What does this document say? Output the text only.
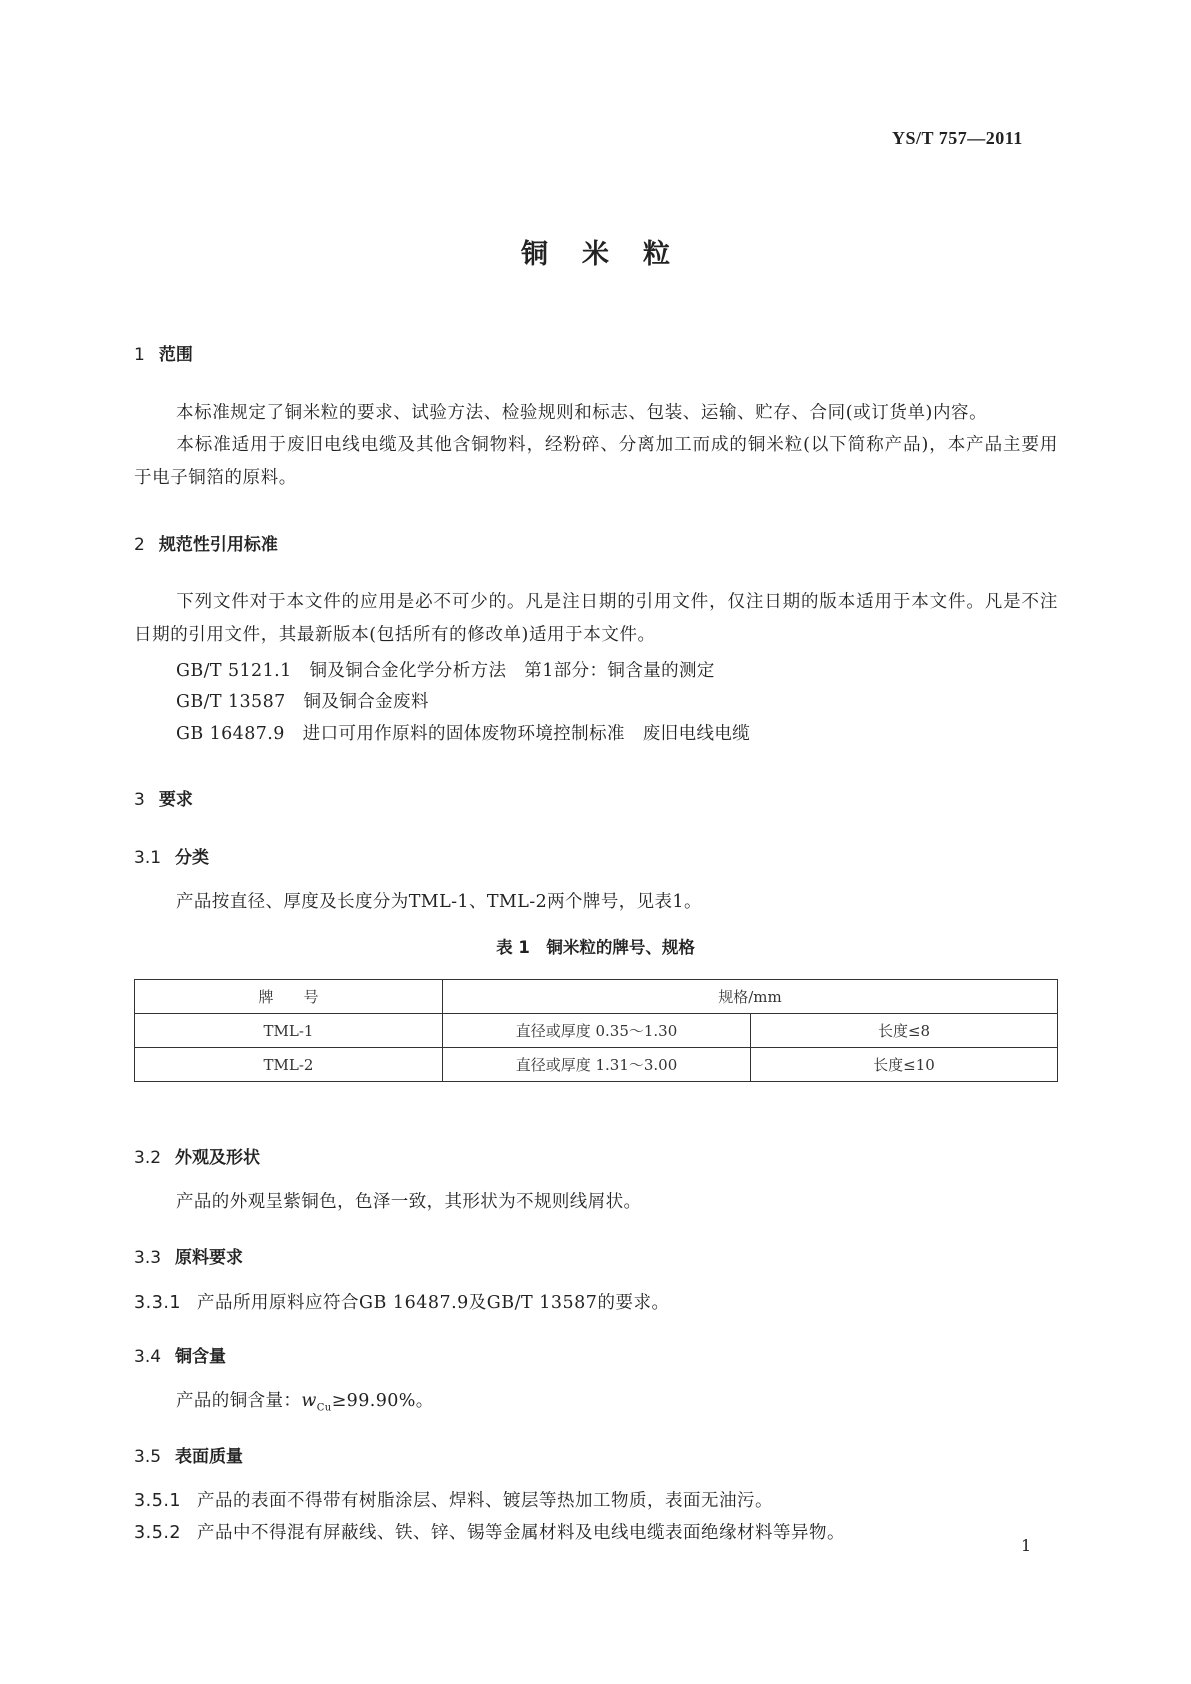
YS/T 757—2011
铜米粒
1 范围
本标准规定了铜米粒的要求、试验方法、检验规则和标志、包装、运输、贮存、合同(或订货单)内容。
本标准适用于废旧电线电缆及其他含铜物料，经粉碎、分离加工而成的铜米粒(以下简称产品)，本产品主要用于电子铜箔的原料。
2 规范性引用标准
下列文件对于本文件的应用是必不可少的。凡是注日期的引用文件，仅注日期的版本适用于本文件。凡是不注日期的引用文件，其最新版本(包括所有的修改单)适用于本文件。
GB/T 5121.1　铜及铜合金化学分析方法　第1部分：铜含量的测定
GB/T 13587　铜及铜合金废料
GB 16487.9　进口可用作原料的固体废物环境控制标准　废旧电线电缆
3 要求
3.1 分类
产品按直径、厚度及长度分为TML-1、TML-2两个牌号，见表1。
表 1　铜米粒的牌号、规格
牌　　号	规格/mm	
TML-1	直径或厚度 0.35～1.30	长度≤8
TML-2	直径或厚度 1.31～3.00	长度≤10
3.2 外观及形状
产品的外观呈紫铜色，色泽一致，其形状为不规则线屑状。
3.3 原料要求
3.3.1 产品所用原料应符合GB 16487.9及GB/T 13587的要求。
3.4 铜含量
产品的铜含量：$w_{Cu}\ge 99.90\%$。
3.5 表面质量
3.5.1 产品的表面不得带有树脂涂层、焊料、镀层等热加工物质，表面无油污。
3.5.2 产品中不得混有屏蔽线、铁、锌、锡等金属材料及电线电缆表面绝缘材料等异物。
1
